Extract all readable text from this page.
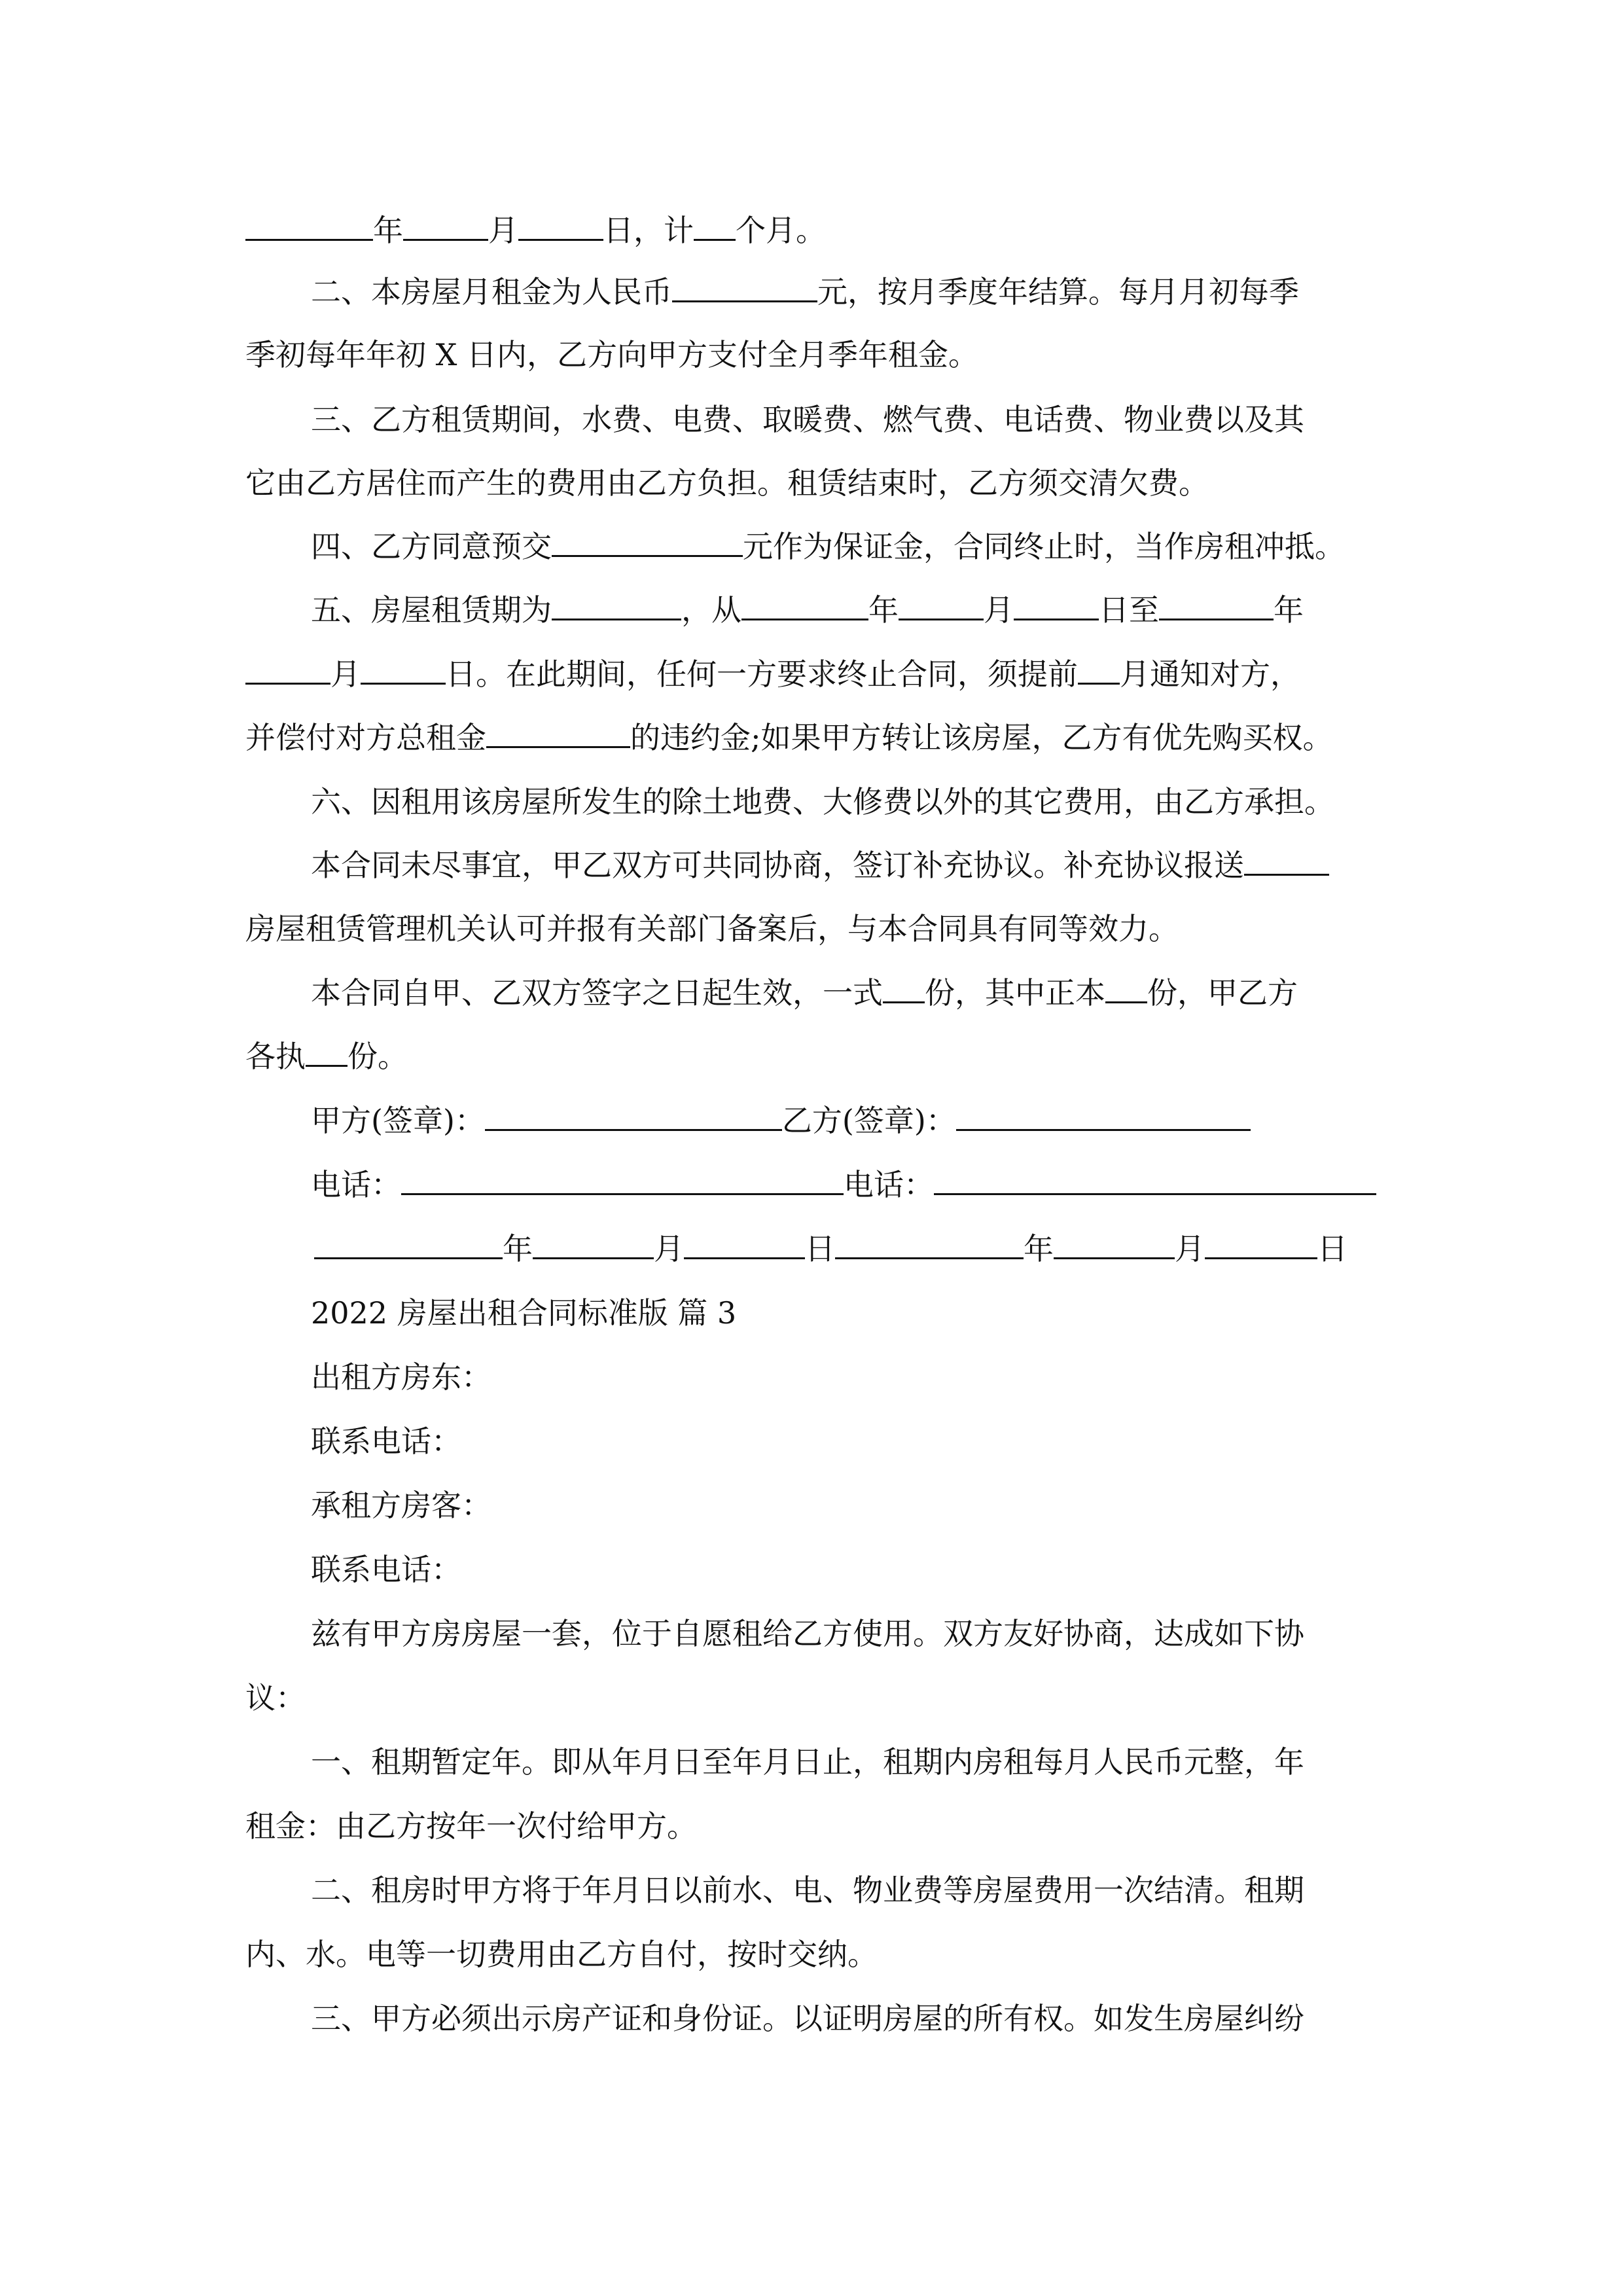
年	月	日，计 个月。
二、本房屋月租金为人民币	元，按月季度年结算。每月月初每季
季初每年年初 X 日内，乙方向甲方支付全月季年租金。
三、乙方租赁期间，水费、电费、取暖费、燃气费、电话费、物业费以及其
它由乙方居住而产生的费用由乙方负担。租赁结束时，乙方须交清欠费。
四、乙方同意预交	元作为保证金，合同终止时，当作房租冲抵。
五、房屋租赁期为	，从	年	月	日至	年
月	日。在此期间，任何一方要求终止合同，须提前 月通知对方，
并偿付对方总租金	的违约金;如果甲方转让该房屋，乙方有优先购买权。
六、因租用该房屋所发生的除土地费、大修费以外的其它费用，由乙方承担。
本合同未尽事宜，甲乙双方可共同协商，签订补充协议。补充协议报送
房屋租赁管理机关认可并报有关部门备案后，与本合同具有同等效力。
本合同自甲、乙双方签字之日起生效，一式 份，其中正本 份，甲乙方
各执 份。
甲方(签章)：	乙方(签章)：
电话：	电话：
年	月	日	年	月	日
2022 房屋出租合同标准版 篇 3
出租方房东：
联系电话：
承租方房客：
联系电话：
兹有甲方房房屋一套，位于自愿租给乙方使用。双方友好协商，达成如下协
议：
一、租期暂定年。即从年月日至年月日止，租期内房租每月人民币元整，年
租金：由乙方按年一次付给甲方。
二、租房时甲方将于年月日以前水、电、物业费等房屋费用一次结清。租期
内、水。电等一切费用由乙方自付，按时交纳。
三、甲方必须出示房产证和身份证。以证明房屋的所有权。如发生房屋纠纷
